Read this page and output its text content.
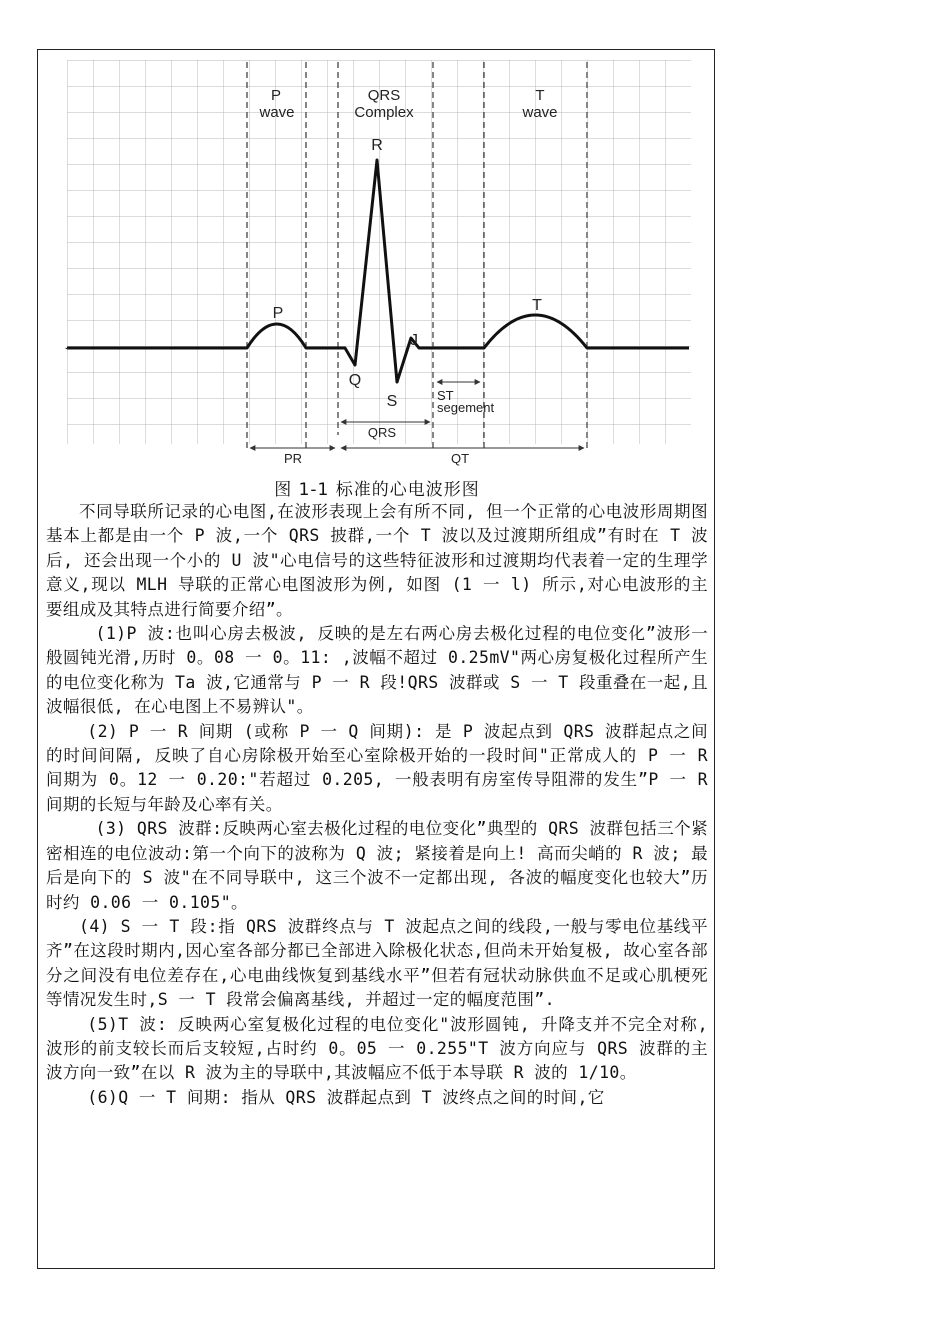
-
P
wave
QRS
Complex
T
wave
R
P
Q
S
J
T
ST
segement
QRS
PR	QT
图 1-1 标准的心电波形图

不同导联所记录的心电图,在波形表现上会有所不同, 但一个正常的心电波形周期图基本上都是由一个 P 波,一个 QRS 披群,一个 T 波以及过渡期所组成”有时在 T 波后, 还会出现一个小的 U 波"心电信号的这些特征波形和过渡期均代表着一定的生理学意义,现以 MLH 导联的正常心电图波形为例, 如图 (1 一 l) 所示,对心电波形的主要组成及其特点进行简要介绍”。

(1)P 波:也叫心房去极波, 反映的是左右两心房去极化过程的电位变化”波形一般圆钝光滑,历时 0。08 一 0。11: ,波幅不超过 0.25mV"两心房复极化过程所产生的电位变化称为 Ta 波,它通常与 P 一 R 段!QRS 波群或 S 一 T 段重叠在一起,且波幅很低, 在心电图上不易辨认"。

(2) P 一 R 间期 (或称 P 一 Q 间期): 是 P 波起点到 QRS 波群起点之间的时间间隔, 反映了自心房除极开始至心室除极开始的一段时间"正常成人的 P 一 R 间期为 0。12 一 0.20:"若超过 0.205, 一般表明有房室传导阻滞的发生”P 一 R 间期的长短与年龄及心率有关。

(3) QRS 波群:反映两心室去极化过程的电位变化”典型的 QRS 波群包括三个紧密相连的电位波动:第一个向下的波称为 Q 波; 紧接着是向上! 高而尖峭的 R 波; 最后是向下的 S 波"在不同导联中, 这三个波不一定都出现, 各波的幅度变化也较大”历时约 0.06 一 0.105"。

(4) S 一 T 段:指 QRS 波群终点与 T 波起点之间的线段,一般与零电位基线平齐”在这段时期内,因心室各部分都已全部进入除极化状态,但尚未开始复极, 故心室各部分之间没有电位差存在,心电曲线恢复到基线水平”但若有冠状动脉供血不足或心肌梗死等情况发生时,S 一 T 段常会偏离基线, 并超过一定的幅度范围”.

(5)T 波: 反映两心室复极化过程的电位变化"波形圆钝, 升降支并不完全对称, 波形的前支较长而后支较短,占时约 0。05 一 0.255"T 波方向应与 QRS 波群的主波方向一致”在以 R 波为主的导联中,其波幅应不低于本导联 R 波的 1/10。

(6)Q 一 T 间期: 指从 QRS 波群起点到 T 波终点之间的时间,它
